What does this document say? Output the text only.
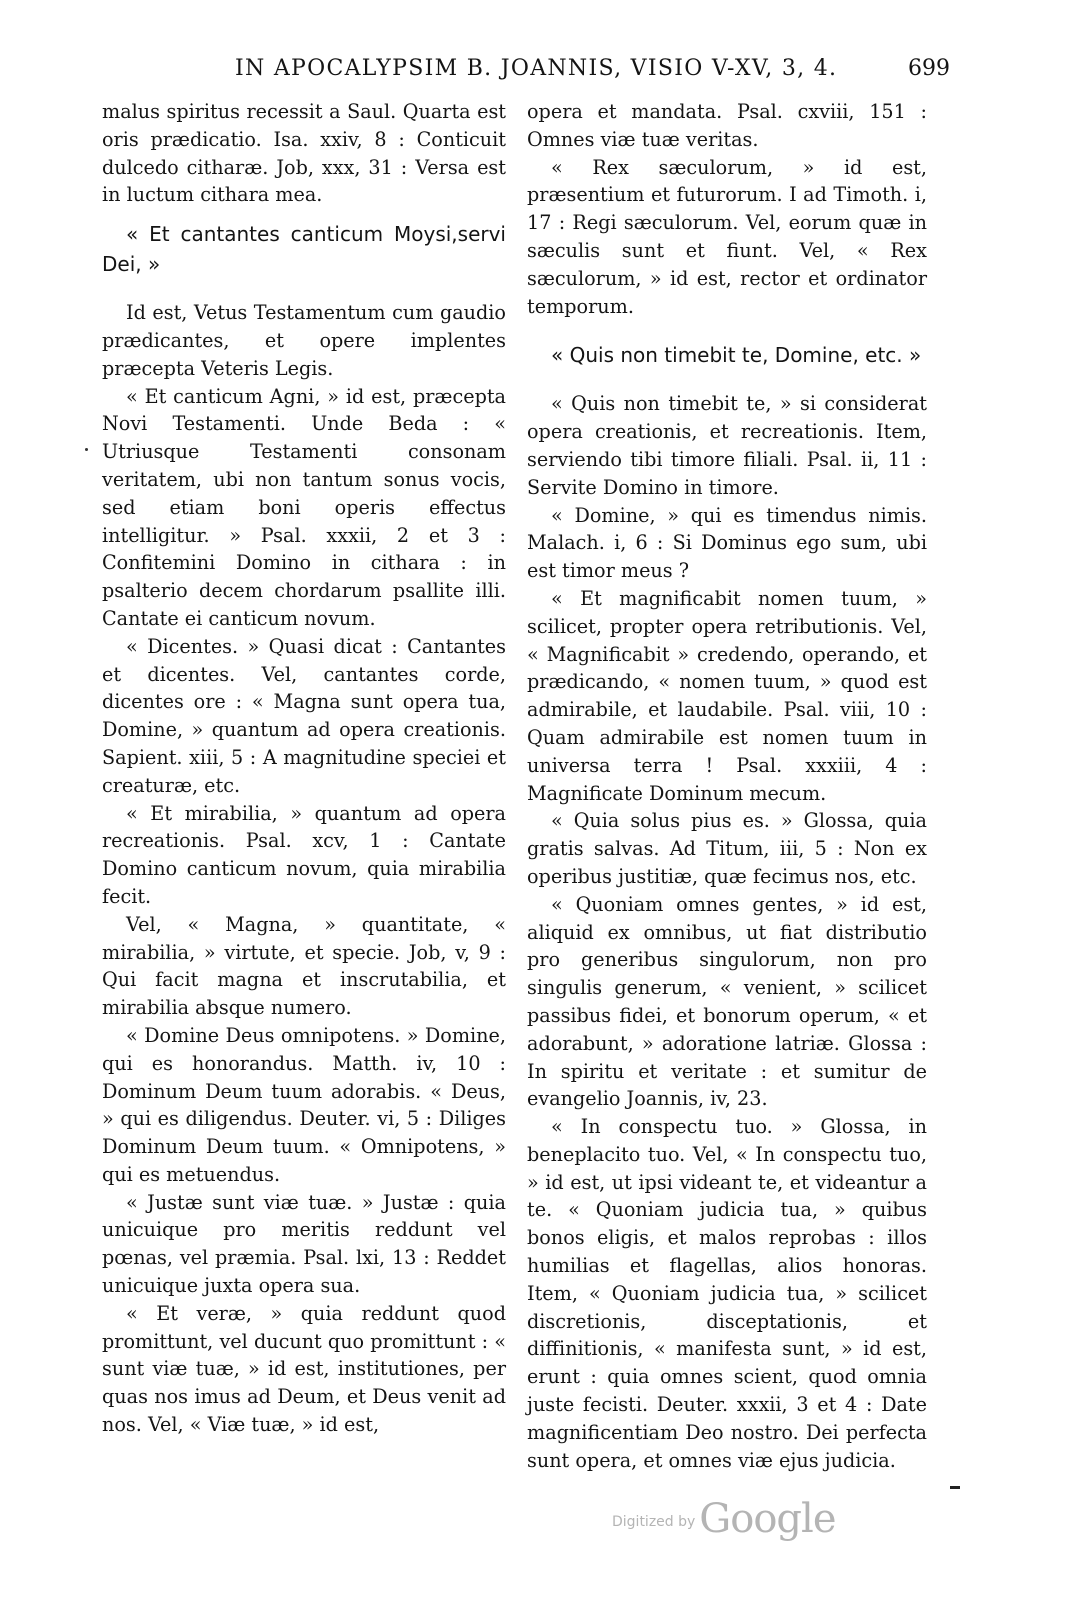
IN APOCALYPSIM B. JOANNIS, VISIO V-XV, 3, 4.	699

malus spiritus recessit a Saul. Quarta est oris prædicatio. Isa. xxiv, 8 : Conticuit dulcedo citharæ. Job, xxx, 31 : Versa est in luctum cithara mea.

« Et cantantes canticum Moysi,servi Dei, »

Id est, Vetus Testamentum cum gaudio prædicantes, et opere implentes præcepta Veteris Legis.

« Et canticum Agni, » id est, præcepta Novi Testamenti. Unde Beda : « Utriusque Testamenti consonam veritatem, ubi non tantum sonus vocis, sed etiam boni operis effectus intelligitur. » Psal. xxxii, 2 et 3 : Confitemini Domino in cithara : in psalterio decem chordarum psallite illi. Cantate ei canticum novum.

« Dicentes. » Quasi dicat : Cantantes et dicentes. Vel, cantantes corde, dicentes ore : « Magna sunt opera tua, Domine, » quantum ad opera creationis. Sapient. xiii, 5 : A magnitudine speciei et creaturæ, etc.

« Et mirabilia, » quantum ad opera recreationis. Psal. xcv, 1 : Cantate Domino canticum novum, quia mirabilia fecit.

Vel, « Magna, » quantitate, « mirabilia, » virtute, et specie. Job, v, 9 : Qui facit magna et inscrutabilia, et mirabilia absque numero.

« Domine Deus omnipotens. » Domine, qui es honorandus. Matth. iv, 10 : Dominum Deum tuum adorabis. « Deus, » qui es diligendus. Deuter. vi, 5 : Diliges Dominum Deum tuum. « Omnipotens, » qui es metuendus.

« Justæ sunt viæ tuæ. » Justæ : quia unicuique pro meritis reddunt vel pœnas, vel præmia. Psal. lxi, 13 : Reddet unicuique juxta opera sua.

« Et veræ, » quia reddunt quod promittunt, vel ducunt quo promittunt : « sunt viæ tuæ, » id est, institutiones, per quas nos imus ad Deum, et Deus venit ad nos. Vel, « Viæ tuæ, » id est,

opera et mandata. Psal. cxviii, 151 : Omnes viæ tuæ veritas.

« Rex sæculorum, » id est, præsentium et futurorum. I ad Timoth. i, 17 : Regi sæculorum. Vel, eorum quæ in sæculis sunt et fiunt. Vel, « Rex sæculorum, » id est, rector et ordinator temporum.

« Quis non timebit te, Domine, etc. »

« Quis non timebit te, » si considerat opera creationis, et recreationis. Item, serviendo tibi timore filiali. Psal. ii, 11 : Servite Domino in timore.

« Domine, » qui es timendus nimis. Malach. i, 6 : Si Dominus ego sum, ubi est timor meus ?

« Et magnificabit nomen tuum, » scilicet, propter opera retributionis. Vel, « Magnificabit » credendo, operando, et prædicando, « nomen tuum, » quod est admirabile, et laudabile. Psal. viii, 10 : Quam admirabile est nomen tuum in universa terra ! Psal. xxxiii, 4 : Magnificate Dominum mecum.

« Quia solus pius es. » Glossa, quia gratis salvas. Ad Titum, iii, 5 : Non ex operibus justitiæ, quæ fecimus nos, etc.

« Quoniam omnes gentes, » id est, aliquid ex omnibus, ut fiat distributio pro generibus singulorum, non pro singulis generum, « venient, » scilicet passibus fidei, et bonorum operum, « et adorabunt, » adoratione latriæ. Glossa : In spiritu et veritate : et sumitur de evangelio Joannis, iv, 23.

« In conspectu tuo. » Glossa, in beneplacito tuo. Vel, « In conspectu tuo, » id est, ut ipsi videant te, et videantur a te. « Quoniam judicia tua, » quibus bonos eligis, et malos reprobas : illos humilias et flagellas, alios honoras. Item, « Quoniam judicia tua, » scilicet discretionis, disceptationis, et diffinitionis, « manifesta sunt, » id est, erunt : quia omnes scient, quod omnia juste fecisti. Deuter. xxxii, 3 et 4 : Date magnificentiam Deo nostro. Dei perfecta sunt opera, et omnes viæ ejus judicia.

Digitized by Google
